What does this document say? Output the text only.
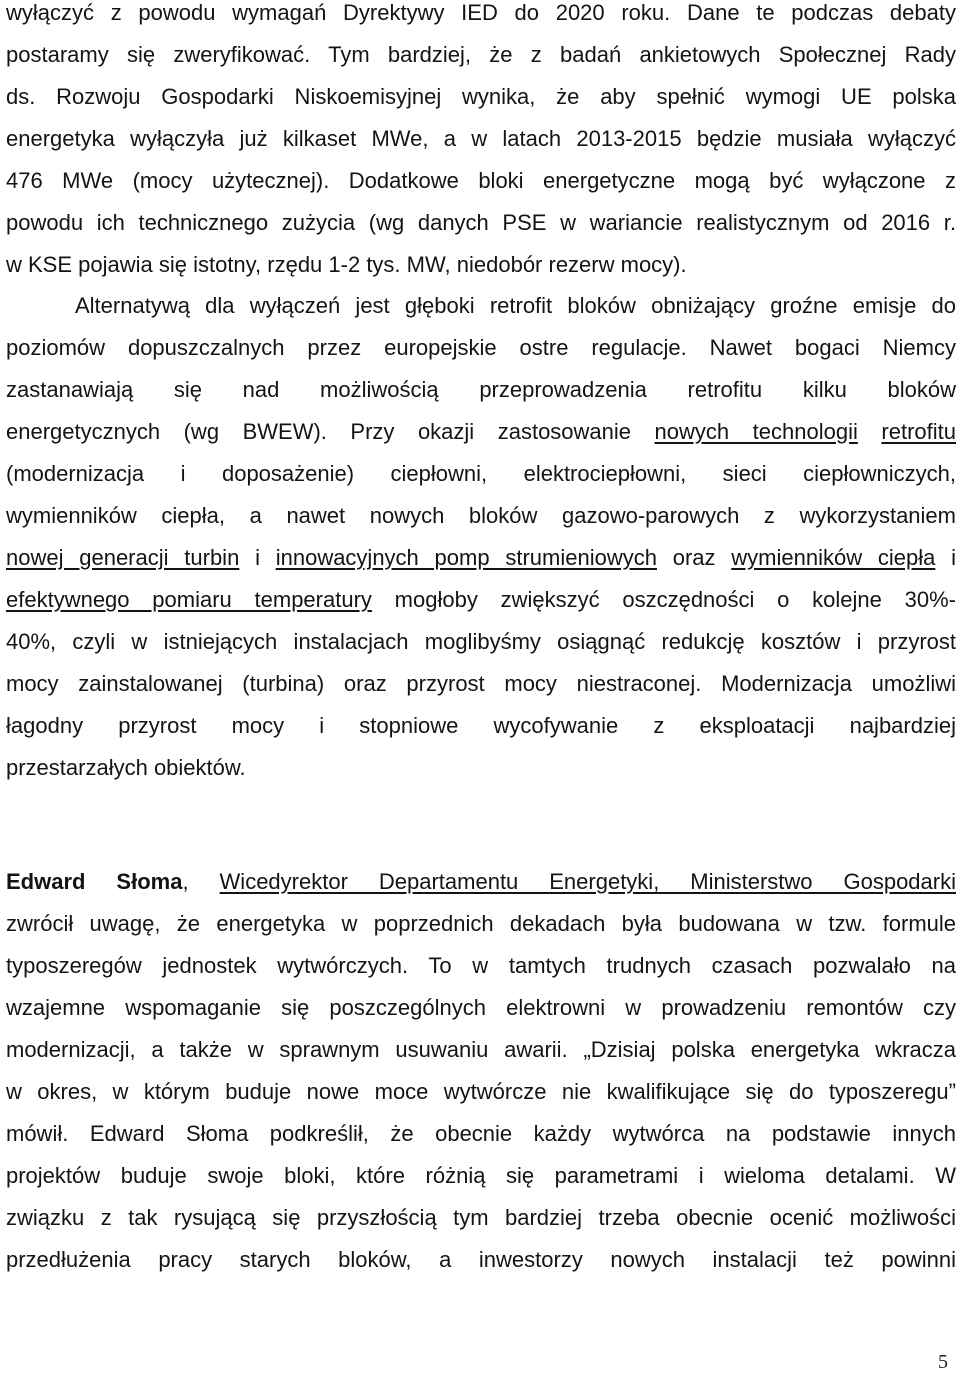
wyłączyć z powodu wymagań Dyrektywy IED do 2020 roku. Dane te podczas debaty
postaramy się zweryfikować. Tym bardziej, że z badań ankietowych Społecznej Rady
ds. Rozwoju Gospodarki Niskoemisyjnej wynika, że aby spełnić wymogi UE polska
energetyka wyłączyła już kilkaset MWe, a w latach 2013-2015 będzie musiała wyłączyć
476 MWe (mocy użytecznej). Dodatkowe bloki energetyczne mogą być wyłączone z
powodu ich technicznego zużycia (wg danych PSE w wariancie realistycznym od 2016 r.
w KSE pojawia się istotny, rzędu 1-2 tys. MW, niedobór rezerw mocy).
Alternatywą dla wyłączeń jest głęboki retrofit bloków obniżający groźne emisje do
poziomów dopuszczalnych przez europejskie ostre regulacje. Nawet bogaci Niemcy
zastanawiają się nad możliwością przeprowadzenia retrofitu kilku bloków
energetycznych (wg BWEW). Przy okazji zastosowanie nowych technologii retrofitu
(modernizacja i doposażenie) ciepłowni, elektrociepłowni, sieci ciepłowniczych,
wymienników ciepła, a nawet nowych bloków gazowo-parowych z wykorzystaniem
nowej generacji turbin i innowacyjnych pomp strumieniowych oraz wymienników ciepła i
efektywnego pomiaru temperatury mogłoby zwiększyć oszczędności o kolejne 30%-
40%, czyli w istniejących instalacjach moglibyśmy osiągnąć redukcję kosztów i przyrost
mocy zainstalowanej (turbina) oraz przyrost mocy niestraconej. Modernizacja umożliwi
łagodny przyrost mocy i stopniowe wycofywanie z eksploatacji najbardziej
przestarzałych obiektów.
Edward Słoma, Wicedyrektor Departamentu Energetyki, Ministerstwo Gospodarki
zwrócił uwagę, że energetyka w poprzednich dekadach była budowana w tzw. formule
typoszeregów jednostek wytwórczych. To w tamtych trudnych czasach pozwalało na
wzajemne wspomaganie się poszczególnych elektrowni w prowadzeniu remontów czy
modernizacji, a także w sprawnym usuwaniu awarii. „Dzisiaj polska energetyka wkracza
w okres, w którym buduje nowe moce wytwórcze nie kwalifikujące się do typoszeregu”
mówił. Edward Słoma podkreślił, że obecnie każdy wytwórca na podstawie innych
projektów buduje swoje bloki, które różnią się parametrami i wieloma detalami. W
związku z tak rysującą się przyszłością tym bardziej trzeba obecnie ocenić możliwości
przedłużenia pracy starych bloków, a inwestorzy nowych instalacji też powinni
5
